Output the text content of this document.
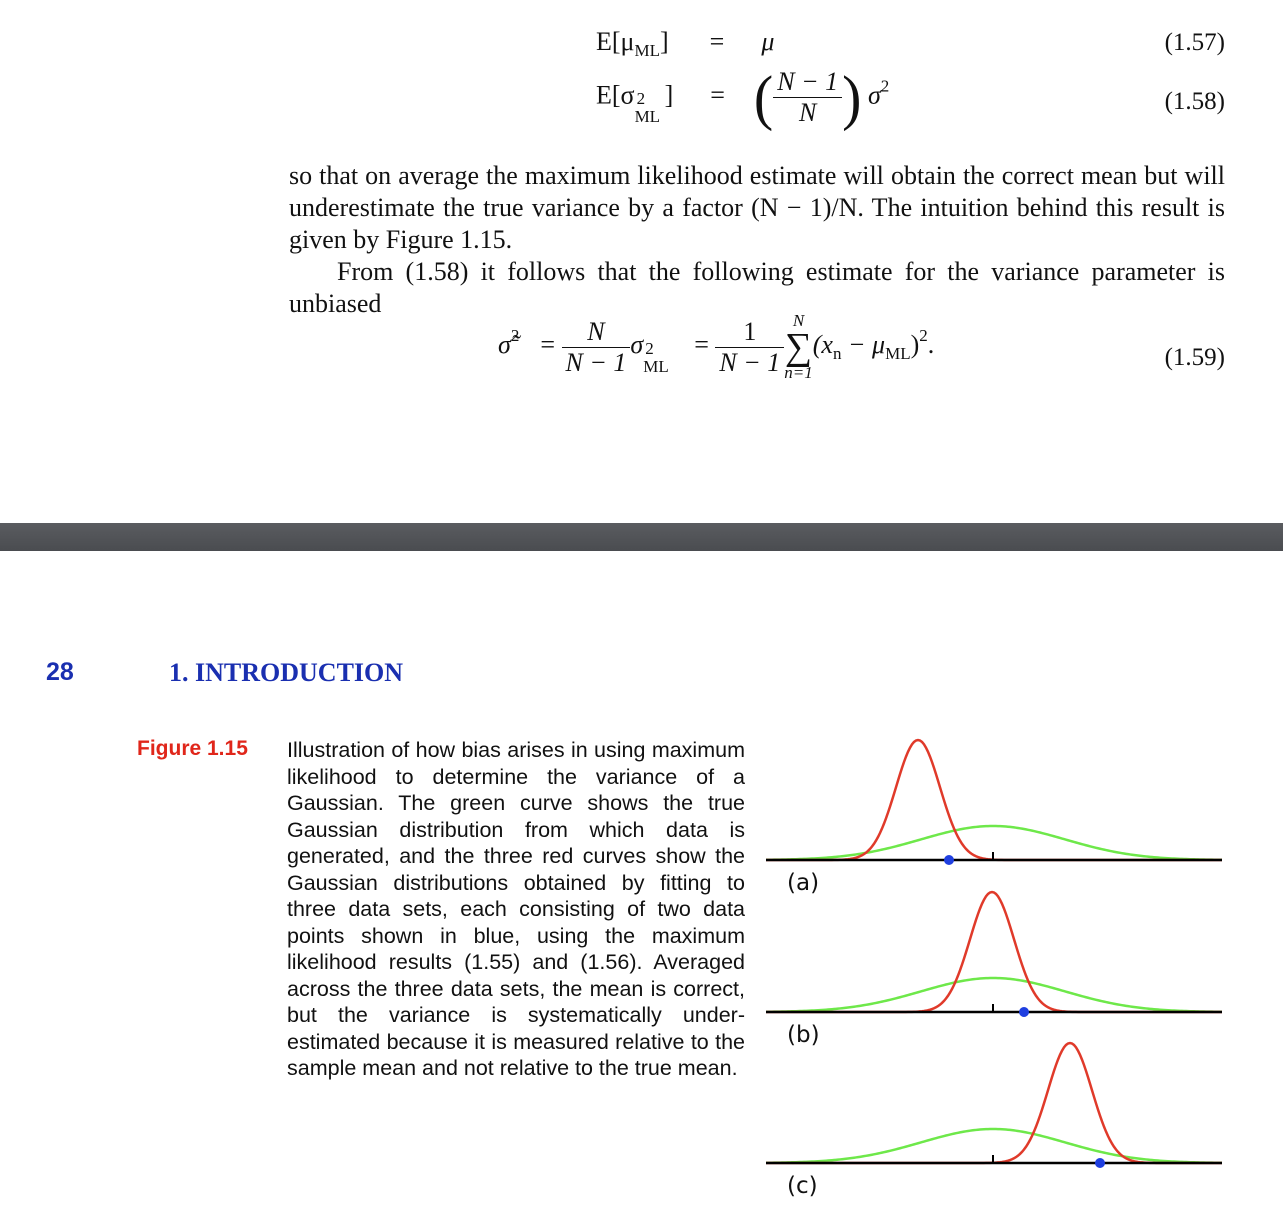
$E[\mu_{ML}] = \mu$	(1.57)
E[σ 2
ML
] = ( $\frac{N - 1}{N}$ ) $\sigma^2$
(1.58)
so that on average the maximum likelihood estimate will obtain the correct mean but will underestimate the true variance by a factor (N − 1)/N. The intuition behind this result is given by Figure 1.15.
From (1.58) it follows that the following estimate for the variance parameter is unbiased
σ̃$^2$ = $\frac{N}{N - 1}$ σ 2
ML
= $\frac{1}{N - 1}$ N
∑
n=1
$(x_n - \mu_{ML})^2$.	(1.59)
28	1. INTRODUCTION
Figure 1.15 Illustration of how bias arises in using maximum likelihood to determine the variance of a Gaussian. The green curve shows the true Gaussian distribution from which data is generated, and the three red curves show the Gaussian distributions obtained by fitting to three data sets, each consisting of two data points shown in blue, using the maximum likelihood results (1.55) and (1.56). Averaged across the three data sets, the mean is correct, but the variance is systematically under-estimated because it is measured relative to the sample mean and not relative to the true mean.
(a)
(b)
(c)
